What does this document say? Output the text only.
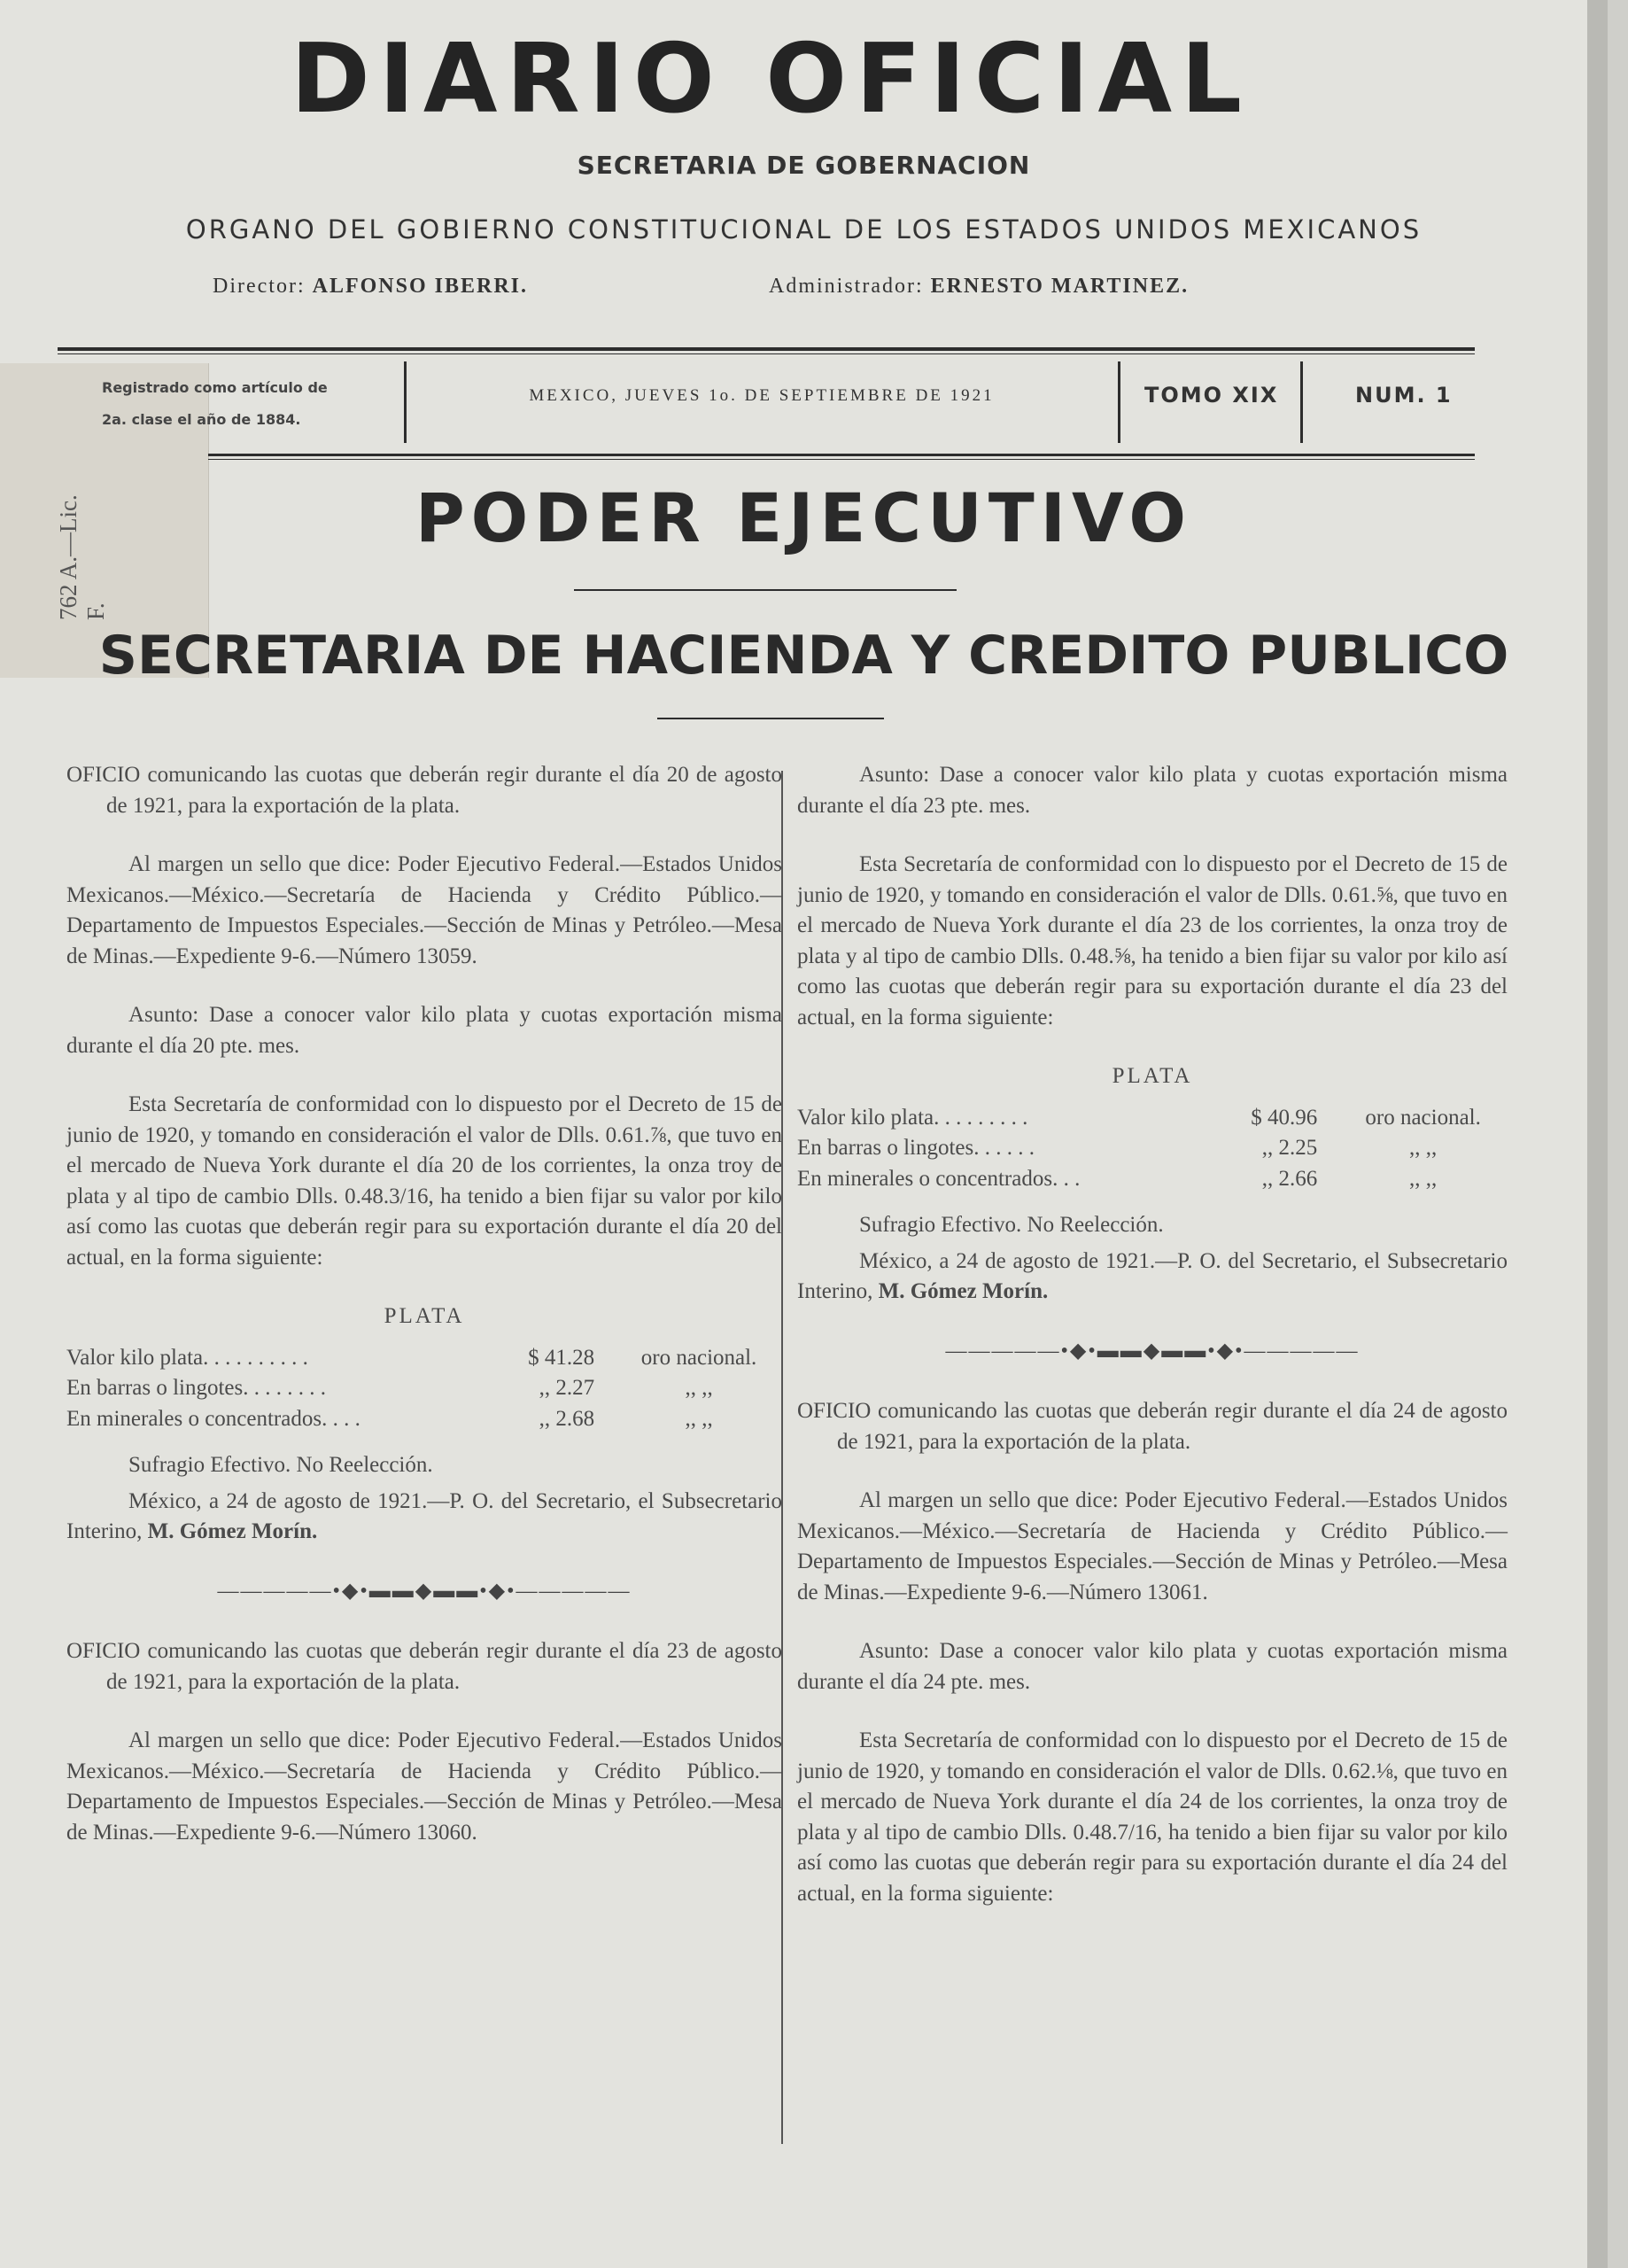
762 A.—Lic. F.
DIARIO OFICIAL
SECRETARIA DE GOBERNACION
ORGANO DEL GOBIERNO CONSTITUCIONAL DE LOS ESTADOS UNIDOS MEXICANOS
Director: ALFONSO IBERRI.	Administrador: ERNESTO MARTINEZ.
Registrado como artículo de
2a. clase el año de 1884.
MEXICO, JUEVES 1o. DE SEPTIEMBRE DE 1921	TOMO XIX	NUM. 1
PODER EJECUTIVO
SECRETARIA DE HACIENDA Y CREDITO PUBLICO

OFICIO comunicando las cuotas que deberán regir durante el día 20 de agosto de 1921, para la exportación de la plata.

Al margen un sello que dice: Poder Ejecutivo Federal.—Estados Unidos Mexicanos.—México.—Secretaría de Hacienda y Crédito Público.—Departamento de Impuestos Especiales.—Sección de Minas y Petróleo.—Mesa de Minas.—Expediente 9-6.—Número 13059.

Asunto: Dase a conocer valor kilo plata y cuotas exportación misma durante el día 20 pte. mes.

Esta Secretaría de conformidad con lo dispuesto por el Decreto de 15 de junio de 1920, y tomando en consideración el valor de Dlls. 0.61.⅞, que tuvo en el mercado de Nueva York durante el día 20 de los corrientes, la onza troy de plata y al tipo de cambio Dlls. 0.48.3/16, ha tenido a bien fijar su valor por kilo así como las cuotas que deberán regir para su exportación durante el día 20 del actual, en la forma siguiente:

PLATA
Valor kilo plata. . . . . . . . . .	$ 41.28	oro nacional.
En barras o lingotes. . . . . . . .	,, 2.27	,, ,,
En minerales o concentrados. . . .	,, 2.68	,, ,,

Sufragio Efectivo. No Reelección.

México, a 24 de agosto de 1921.—P. O. del Secretario, el Subsecretario Interino, M. Gómez Morín.

—————•◆•▬▬◆▬▬•◆•—————

OFICIO comunicando las cuotas que deberán regir durante el día 23 de agosto de 1921, para la exportación de la plata.

Al margen un sello que dice: Poder Ejecutivo Federal.—Estados Unidos Mexicanos.—México.—Secretaría de Hacienda y Crédito Público.—Departamento de Impuestos Especiales.—Sección de Minas y Petróleo.—Mesa de Minas.—Expediente 9-6.—Número 13060.

Asunto: Dase a conocer valor kilo plata y cuotas exportación misma durante el día 23 pte. mes.

Esta Secretaría de conformidad con lo dispuesto por el Decreto de 15 de junio de 1920, y tomando en consideración el valor de Dlls. 0.61.⅝, que tuvo en el mercado de Nueva York durante el día 23 de los corrientes, la onza troy de plata y al tipo de cambio Dlls. 0.48.⅝, ha tenido a bien fijar su valor por kilo así como las cuotas que deberán regir para su exportación durante el día 23 del actual, en la forma siguiente:

PLATA
Valor kilo plata. . . . . . . . .	$ 40.96	oro nacional.
En barras o lingotes. . . . . .	,, 2.25	,, ,,
En minerales o concentrados. . .	,, 2.66	,, ,,

Sufragio Efectivo. No Reelección.

México, a 24 de agosto de 1921.—P. O. del Secretario, el Subsecretario Interino, M. Gómez Morín.

—————•◆•▬▬◆▬▬•◆•—————

OFICIO comunicando las cuotas que deberán regir durante el día 24 de agosto de 1921, para la exportación de la plata.

Al margen un sello que dice: Poder Ejecutivo Federal.—Estados Unidos Mexicanos.—México.—Secretaría de Hacienda y Crédito Público.—Departamento de Impuestos Especiales.—Sección de Minas y Petróleo.—Mesa de Minas.—Expediente 9-6.—Número 13061.

Asunto: Dase a conocer valor kilo plata y cuotas exportación misma durante el día 24 pte. mes.

Esta Secretaría de conformidad con lo dispuesto por el Decreto de 15 de junio de 1920, y tomando en consideración el valor de Dlls. 0.62.⅛, que tuvo en el mercado de Nueva York durante el día 24 de los corrientes, la onza troy de plata y al tipo de cambio Dlls. 0.48.7/16, ha tenido a bien fijar su valor por kilo así como las cuotas que deberán regir para su exportación durante el día 24 del actual, en la forma siguiente:
